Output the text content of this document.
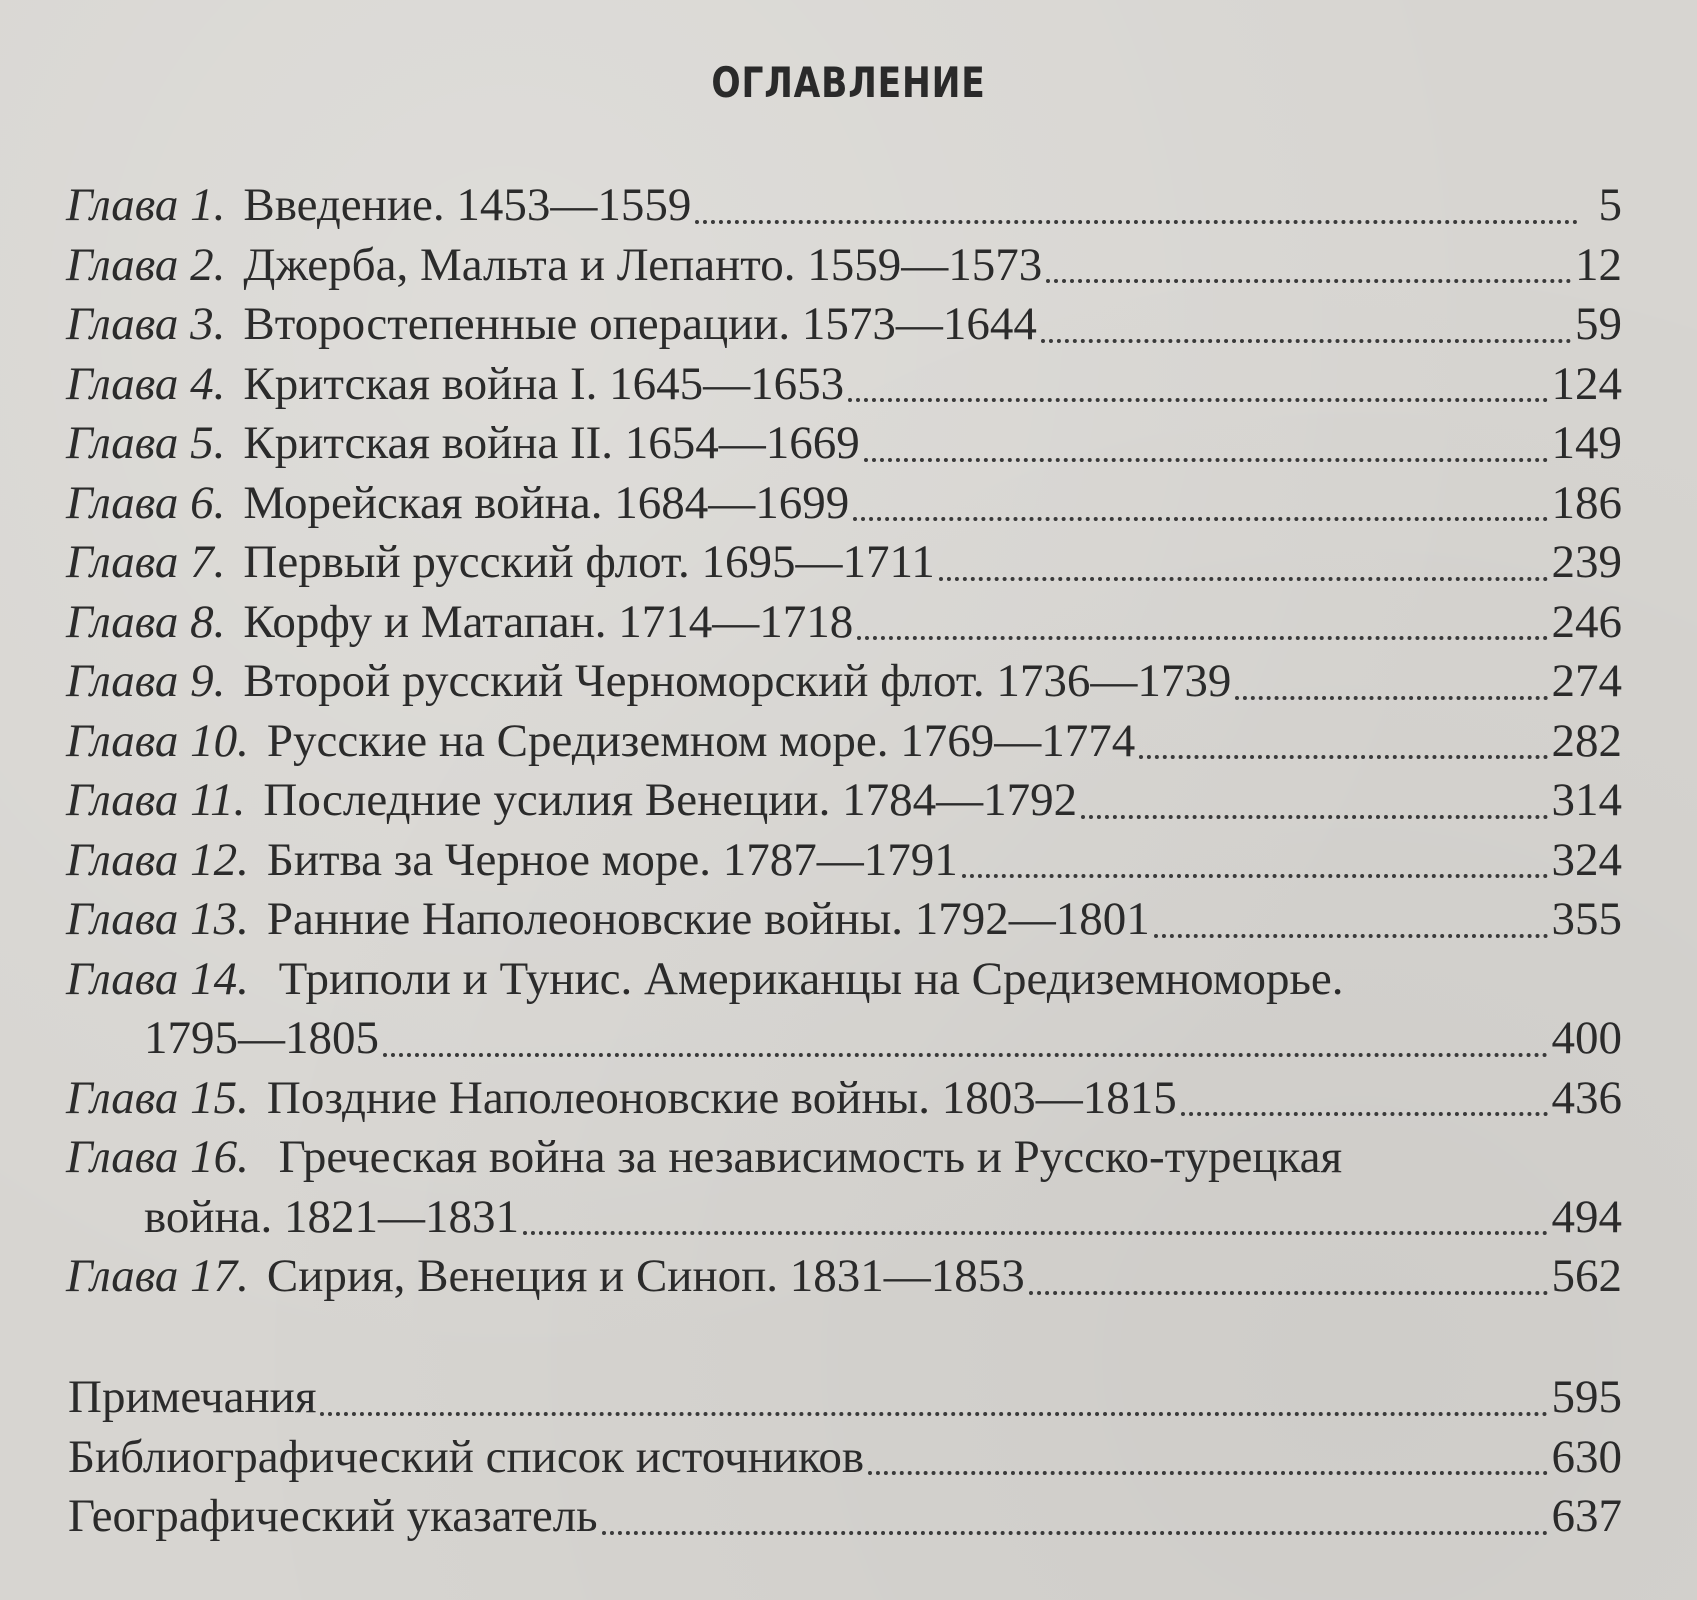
ОГЛАВЛЕНИЕ
Глава 1. Введение. 1453—1559	5
Глава 2. Джерба, Мальта и Лепанто. 1559—1573	12
Глава 3. Второстепенные операции. 1573—1644	59
Глава 4. Критская война I. 1645—1653	124
Глава 5. Критская война II. 1654—1669	149
Глава 6. Морейская война. 1684—1699	186
Глава 7. Первый русский флот. 1695—1711	239
Глава 8. Корфу и Матапан. 1714—1718	246
Глава 9. Второй русский Черноморский флот. 1736—1739	274
Глава 10. Русские на Средиземном море. 1769—1774	282
Глава 11. Последние усилия Венеции. 1784—1792	314
Глава 12. Битва за Черное море. 1787—1791	324
Глава 13. Ранние Наполеоновские войны. 1792—1801	355
Глава 14. Триполи и Тунис. Американцы на Средиземноморье.
1795—1805	400
Глава 15. Поздние Наполеоновские войны. 1803—1815	436
Глава 16. Греческая война за независимость и Русско-турецкая
война. 1821—1831	494
Глава 17. Сирия, Венеция и Синоп. 1831—1853	562
Примечания	595
Библиографический список источников	630
Географический указатель	637
